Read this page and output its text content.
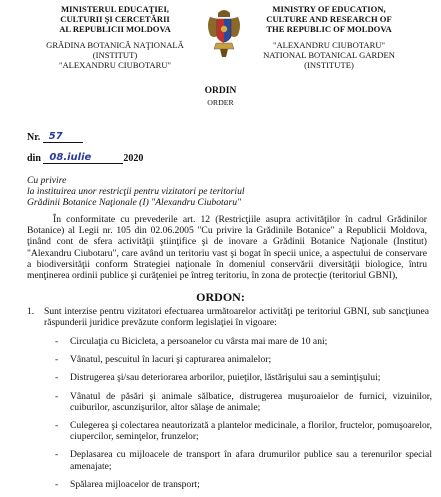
MINISTERUL EDUCAŢIEI,
CULTURII ŞI CERCETĂRII
AL REPUBLICII MOLDOVA
GRĂDINA BOTANICĂ NAŢIONALĂ
(INSTITUT)
"ALEXANDRU CIUBOTARU"
MINISTRY OF EDUCATION,
CULTURE AND RESEARCH OF
THE REPUBLIC OF MOLDOVA
"ALEXANDRU CIUBOTARU"
NATIONAL BOTANICAL GARDEN
(INSTITUTE)
ORDIN
ORDER
Nr. 57
din 08.iulie	2020
Cu privire
la instituirea unor restricţii pentru vizitatori pe teritoriul
Grădinii Botanice Naţionale (I) "Alexandru Ciubotaru"

În conformitate cu prevederile art. 12 (Restricţiile asupra activităţilor în cadrul Grădinilor Botanice) al Legii nr. 105 din 02.06.2005 "Cu privire la Grădinile Botanice" a Republicii Moldova, ţinând cont de sfera activităţii ştiinţifice şi de inovare a Grădinii Botanice Naţionale (Institut) "Alexandru Ciubotaru", care având un teritoriu vast şi bogat în specii unice, a aspectului de conservare a biodiversităţii conform Strategiei naţionale în domeniul conservării diversităţii biologice, întru menţinerea ordinii publice şi curăţeniei pe întreg teritoriu, în zona de protecţie (teritoriul GBNI),

ORDON:
1. Sunt interzise pentru vizitatori efectuarea următoarelor activităţi pe teritoriul GBNI, sub sancţiunea răspunderii juridice prevăzute conform legislaţiei în vigoare:
- Circulaţia cu Bicicleta, a persoanelor cu vârsta mai mare de 10 ani;
- Vânatul, pescuitul în lacuri şi capturarea animalelor;
- Distrugerea şi/sau deteriorarea arborilor, puieţilor, lăstărişului sau a seminţişului;
- Vânatul de păsări şi animale sălbatice, distrugerea muşuroaielor de furnici, vizuinilor, cuiburilor, ascunzişurilor, altor sălaşe de animale;
- Culegerea şi colectarea neautorizată a plantelor medicinale, a florilor, fructelor, pomuşoarelor, ciupercilor, seminţelor, frunzelor;
- Deplasarea cu mijloacele de transport în afara drumurilor publice sau a terenurilor special amenajate;
- Spălarea mijloacelor de transport;
